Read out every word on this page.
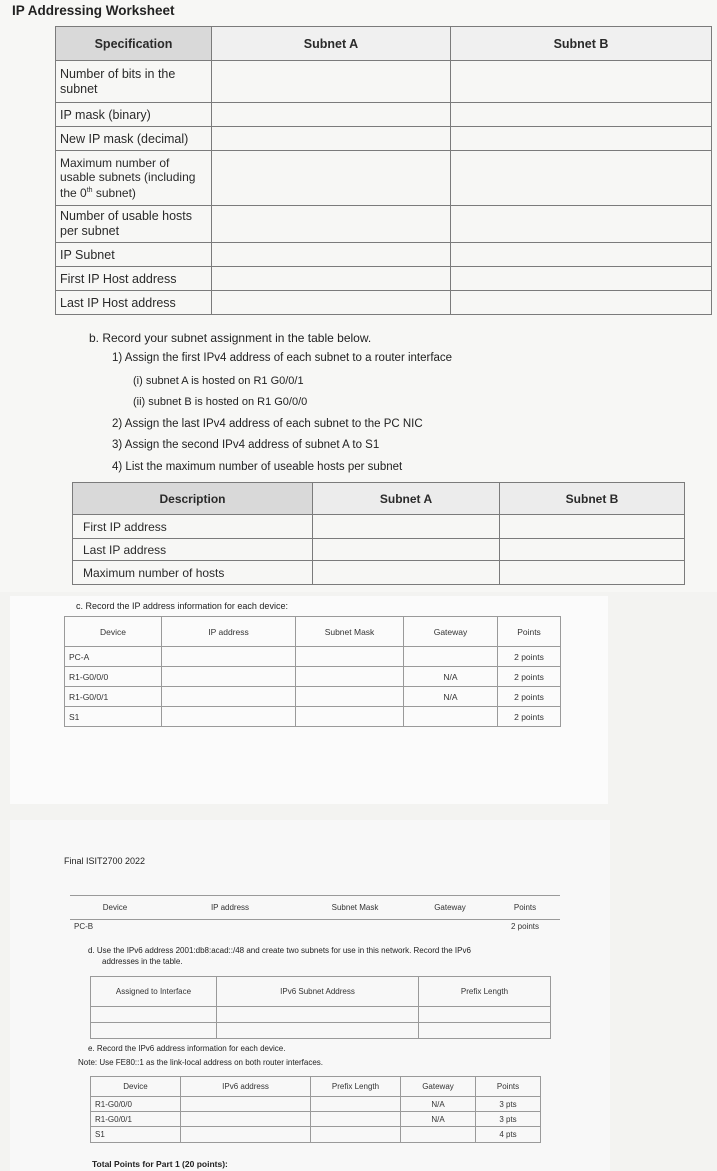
IP Addressing Worksheet
Specification	Subnet A	Subnet B
Number of bits in the subnet		
IP mask (binary)		
New IP mask (decimal)		
Maximum number of usable subnets (including the 0th subnet)		
Number of usable hosts per subnet		
IP Subnet		
First IP Host address		
Last IP Host address		
b. Record your subnet assignment in the table below.
1) Assign the first IPv4 address of each subnet to a router interface
(i) subnet A is hosted on R1 G0/0/1
(ii) subnet B is hosted on R1 G0/0/0
2) Assign the last IPv4 address of each subnet to the PC NIC
3) Assign the second IPv4 address of subnet A to S1
4) List the maximum number of useable hosts per subnet
Description	Subnet A	Subnet B
First IP address		
Last IP address		
Maximum number of hosts		
c. Record the IP address information for each device:
Device	IP address	Subnet Mask	Gateway	Points
PC-A				2 points
R1-G0/0/0			N/A	2 points
R1-G0/0/1			N/A	2 points
S1				2 points
Final ISIT2700 2022
Device	IP address	Subnet Mask	Gateway	Points
PC-B				2 points
d. Use the IPv6 address 2001:db8:acad::/48 and create two subnets for use in this network. Record the IPv6
addresses in the table.
Assigned to Interface	IPv6 Subnet Address	Prefix Length

e. Record the IPv6 address information for each device.
Note: Use FE80::1 as the link-local address on both router interfaces.
Device	IPv6 address	Prefix Length	Gateway	Points
R1-G0/0/0			N/A	3 pts
R1-G0/0/1			N/A	3 pts
S1				4 pts
Total Points for Part 1 (20 points):
